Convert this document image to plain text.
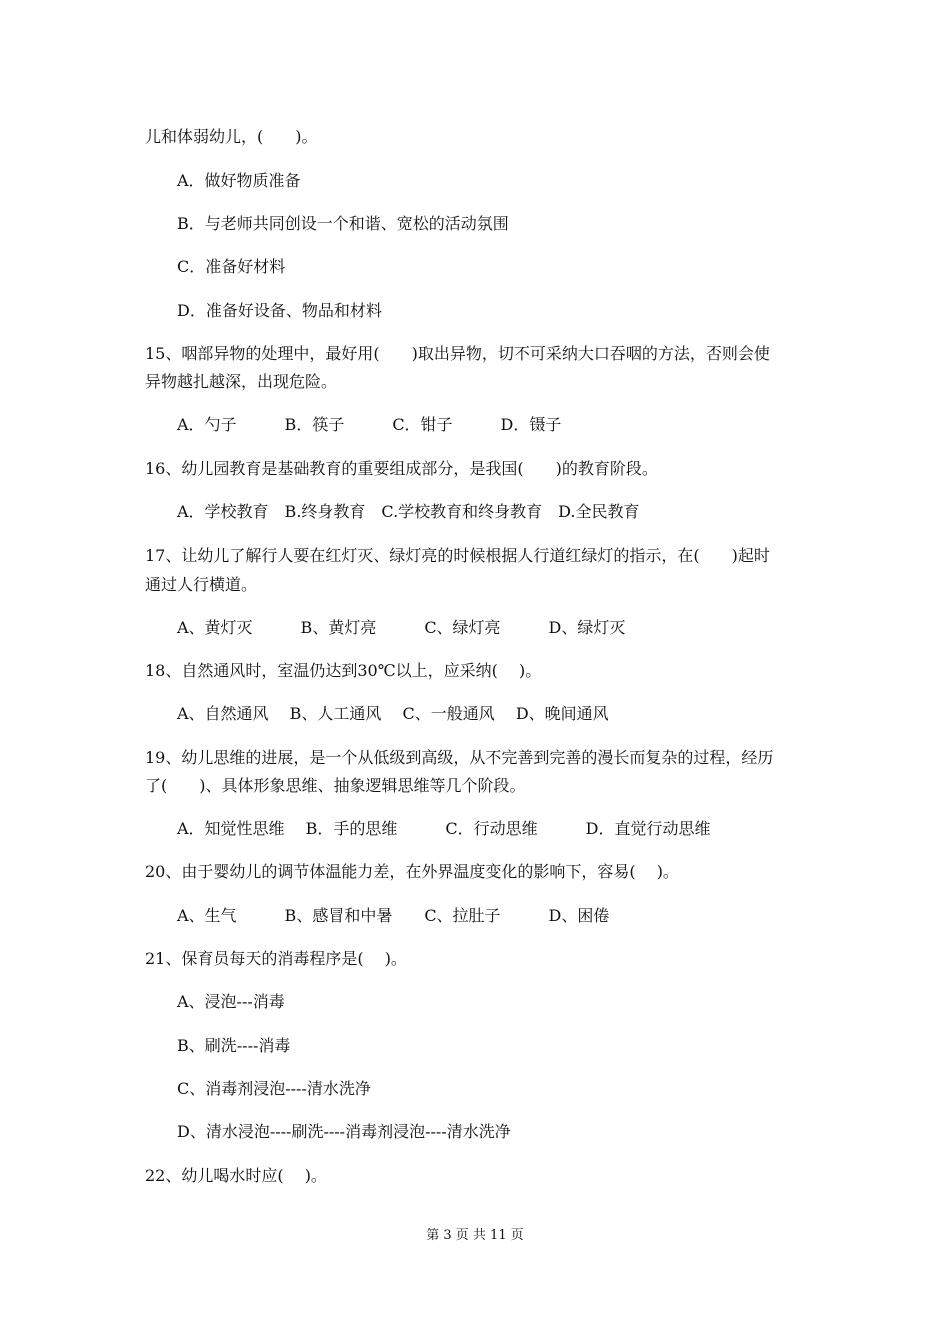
儿和体弱幼儿，(　　)。

A．做好物质准备

B．与老师共同创设一个和谐、宽松的活动氛围

C．准备好材料

D．准备好设备、物品和材料

15、咽部异物的处理中，最好用(　　)取出异物，切不可采纳大口吞咽的方法，否则会使

异物越扎越深，出现危险。

A．勺子　　　B．筷子　　　C．钳子　　　D．镊子

16、幼儿园教育是基础教育的重要组成部分，是我国(　　)的教育阶段。

A．学校教育　B.终身教育　C.学校教育和终身教育　D.全民教育

17、让幼儿了解行人要在红灯灭、绿灯亮的时候根据人行道红绿灯的指示，在(　　)起时

通过人行横道。

A、黄灯灭　　　B、黄灯亮　　　C、绿灯亮　　　D、绿灯灭

18、自然通风时，室温仍达到30℃以上，应采纳(　 )。

A、自然通风　 B、人工通风　 C、一般通风　 D、晚间通风

19、幼儿思维的进展，是一个从低级到高级，从不完善到完善的漫长而复杂的过程，经历

了(　　)、具体形象思维、抽象逻辑思维等几个阶段。

A．知觉性思维　 B．手的思维　　　C．行动思维　　　D．直觉行动思维

20、由于婴幼儿的调节体温能力差，在外界温度变化的影响下，容易(　 )。

A、生气　　　B、感冒和中暑　　C、拉肚子　　　D、困倦

21、保育员每天的消毒程序是(　 )。

A、浸泡---消毒

B、刷洗----消毒

C、消毒剂浸泡----清水洗净

D、清水浸泡----刷洗----消毒剂浸泡----清水洗净

22、幼儿喝水时应(　 )。

第 3 页 共 11 页
